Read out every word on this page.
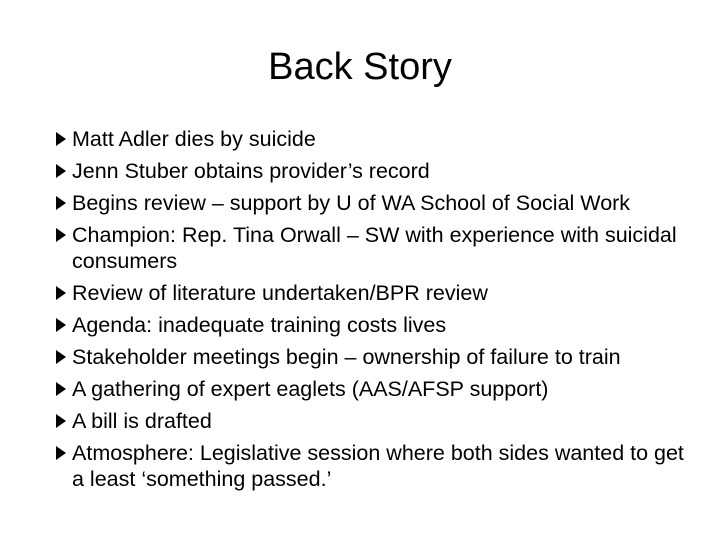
Back Story
Matt Adler dies by suicide
Jenn Stuber obtains provider’s record
Begins review – support by U of WA School of Social Work
Champion: Rep. Tina Orwall – SW with experience with suicidal consumers
Review of literature undertaken/BPR review
Agenda: inadequate training costs lives
Stakeholder meetings begin – ownership of failure to train
A gathering of expert eaglets (AAS/AFSP support)
A bill is drafted
Atmosphere: Legislative session where both sides wanted to get a least ‘something passed.’
